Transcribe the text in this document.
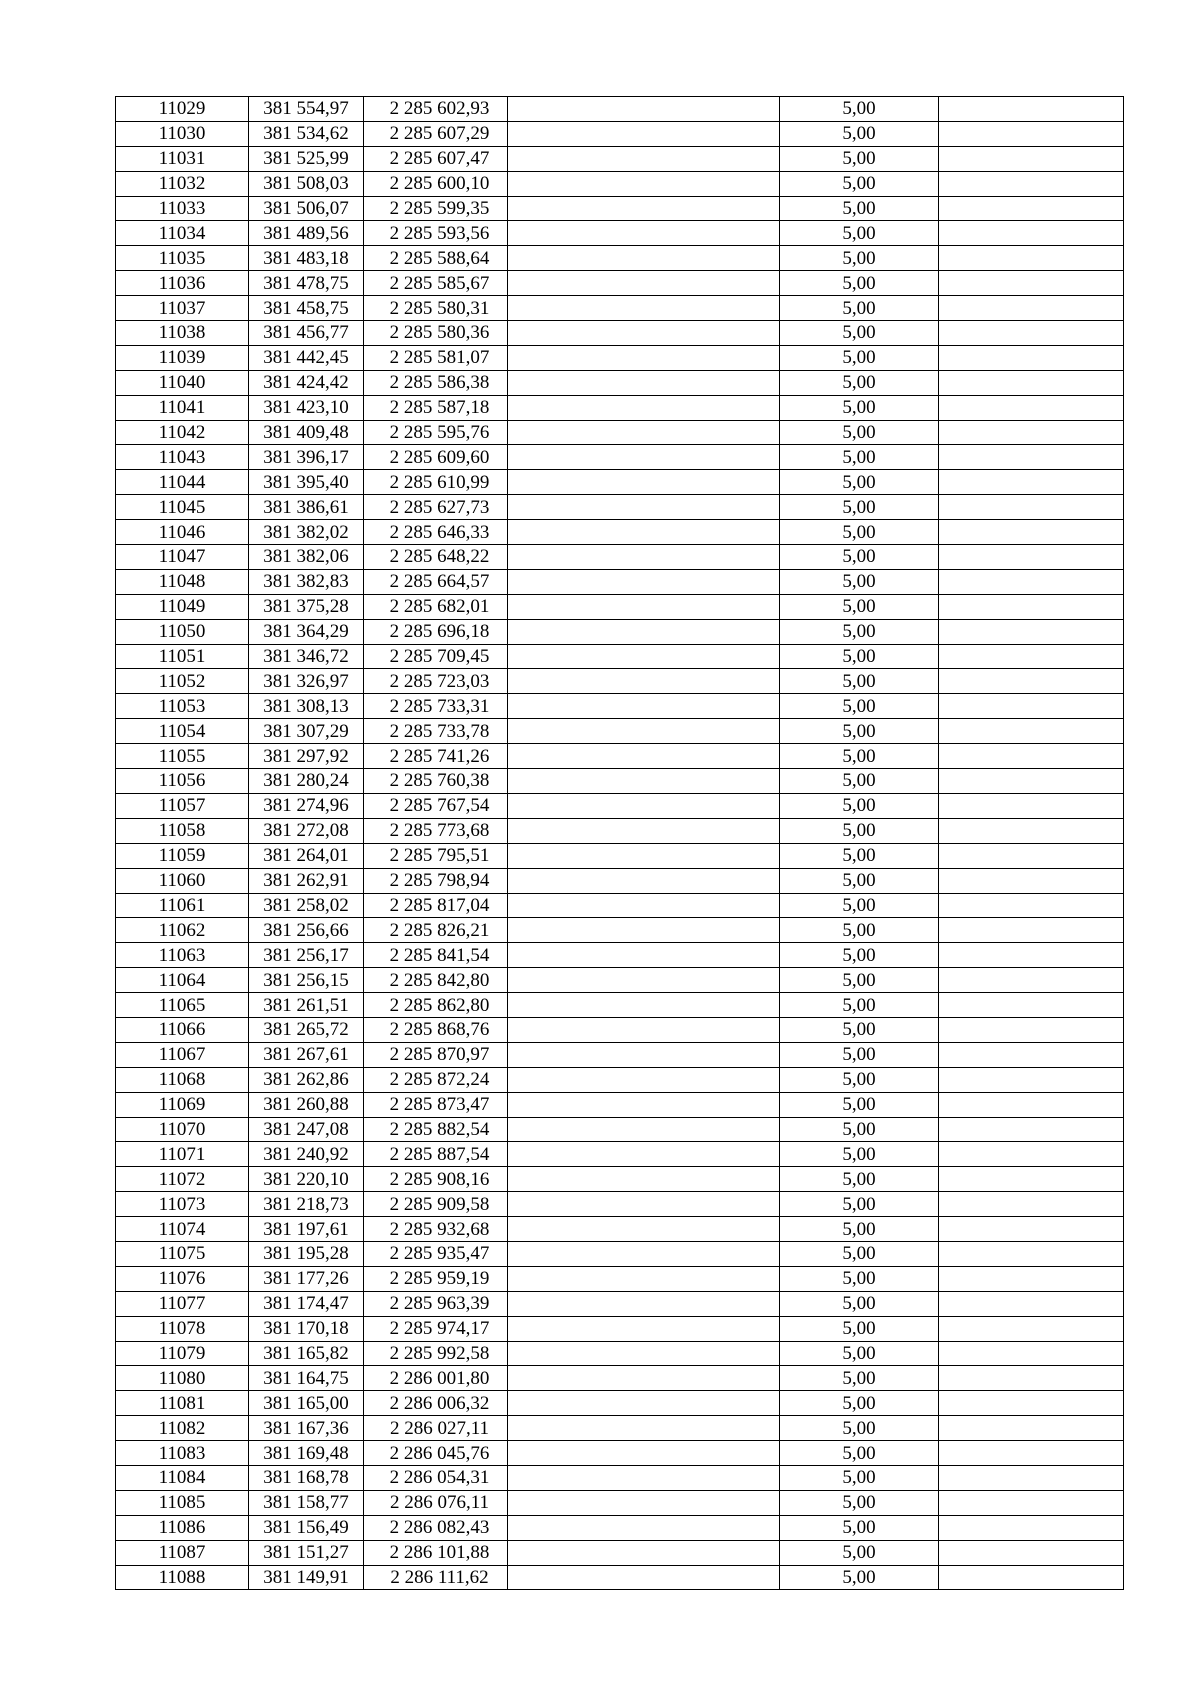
11029	381 554,97	2 285 602,93		5,00	
11030	381 534,62	2 285 607,29		5,00	
11031	381 525,99	2 285 607,47		5,00	
11032	381 508,03	2 285 600,10		5,00	
11033	381 506,07	2 285 599,35		5,00	
11034	381 489,56	2 285 593,56		5,00	
11035	381 483,18	2 285 588,64		5,00	
11036	381 478,75	2 285 585,67		5,00	
11037	381 458,75	2 285 580,31		5,00	
11038	381 456,77	2 285 580,36		5,00	
11039	381 442,45	2 285 581,07		5,00	
11040	381 424,42	2 285 586,38		5,00	
11041	381 423,10	2 285 587,18		5,00	
11042	381 409,48	2 285 595,76		5,00	
11043	381 396,17	2 285 609,60		5,00	
11044	381 395,40	2 285 610,99		5,00	
11045	381 386,61	2 285 627,73		5,00	
11046	381 382,02	2 285 646,33		5,00	
11047	381 382,06	2 285 648,22		5,00	
11048	381 382,83	2 285 664,57		5,00	
11049	381 375,28	2 285 682,01		5,00	
11050	381 364,29	2 285 696,18		5,00	
11051	381 346,72	2 285 709,45		5,00	
11052	381 326,97	2 285 723,03		5,00	
11053	381 308,13	2 285 733,31		5,00	
11054	381 307,29	2 285 733,78		5,00	
11055	381 297,92	2 285 741,26		5,00	
11056	381 280,24	2 285 760,38		5,00	
11057	381 274,96	2 285 767,54		5,00	
11058	381 272,08	2 285 773,68		5,00	
11059	381 264,01	2 285 795,51		5,00	
11060	381 262,91	2 285 798,94		5,00	
11061	381 258,02	2 285 817,04		5,00	
11062	381 256,66	2 285 826,21		5,00	
11063	381 256,17	2 285 841,54		5,00	
11064	381 256,15	2 285 842,80		5,00	
11065	381 261,51	2 285 862,80		5,00	
11066	381 265,72	2 285 868,76		5,00	
11067	381 267,61	2 285 870,97		5,00	
11068	381 262,86	2 285 872,24		5,00	
11069	381 260,88	2 285 873,47		5,00	
11070	381 247,08	2 285 882,54		5,00	
11071	381 240,92	2 285 887,54		5,00	
11072	381 220,10	2 285 908,16		5,00	
11073	381 218,73	2 285 909,58		5,00	
11074	381 197,61	2 285 932,68		5,00	
11075	381 195,28	2 285 935,47		5,00	
11076	381 177,26	2 285 959,19		5,00	
11077	381 174,47	2 285 963,39		5,00	
11078	381 170,18	2 285 974,17		5,00	
11079	381 165,82	2 285 992,58		5,00	
11080	381 164,75	2 286 001,80		5,00	
11081	381 165,00	2 286 006,32		5,00	
11082	381 167,36	2 286 027,11		5,00	
11083	381 169,48	2 286 045,76		5,00	
11084	381 168,78	2 286 054,31		5,00	
11085	381 158,77	2 286 076,11		5,00	
11086	381 156,49	2 286 082,43		5,00	
11087	381 151,27	2 286 101,88		5,00	
11088	381 149,91	2 286 111,62		5,00	
